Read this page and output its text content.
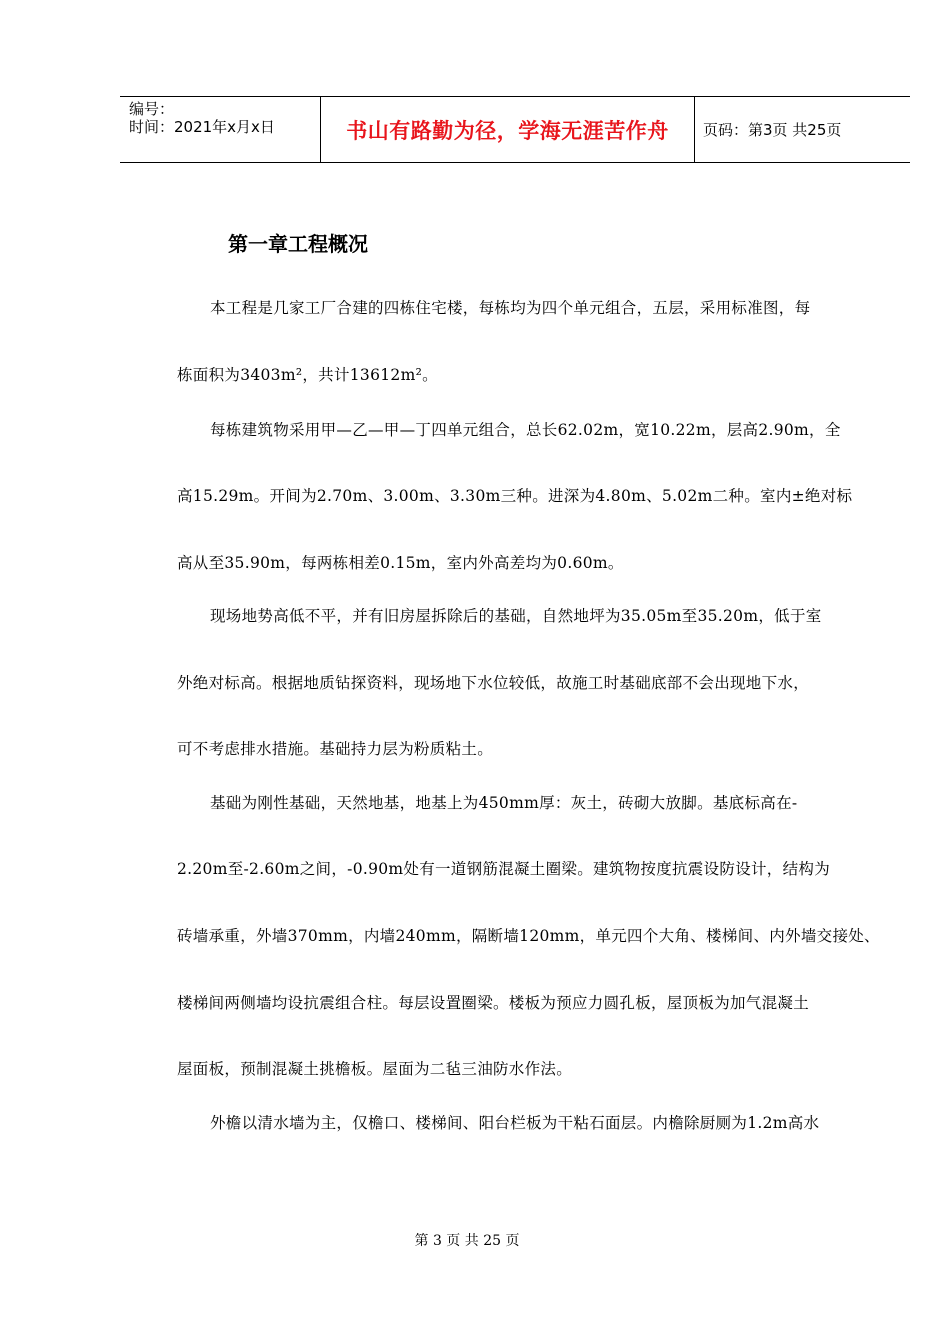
编号：
时间：2021年x月x日	书山有路勤为径，学海无涯苦作舟	页码：第3页 共25页
第一章工程概况
本工程是几家工厂合建的四栋住宅楼，每栋均为四个单元组合，五层，采用标准图，每
栋面积为3403m²，共计13612m²。
每栋建筑物采用甲—乙—甲—丁四单元组合，总长62.02m，宽10.22m，层高2.90m，全
高15.29m。开间为2.70m、3.00m、3.30m三种。进深为4.80m、5.02m二种。室内±绝对标
高从至35.90m，每两栋相差0.15m，室内外高差均为0.60m。
现场地势高低不平，并有旧房屋拆除后的基础，自然地坪为35.05m至35.20m，低于室
外绝对标高。根据地质钻探资料，现场地下水位较低，故施工时基础底部不会出现地下水，
可不考虑排水措施。基础持力层为粉质粘土。
基础为刚性基础，天然地基，地基上为450mm厚：灰土，砖砌大放脚。基底标高在-
2.20m至-2.60m之间，-0.90m处有一道钢筋混凝土圈梁。建筑物按度抗震设防设计，结构为
砖墙承重，外墙370mm，内墙240mm，隔断墙120mm，单元四个大角、楼梯间、内外墙交接处、
楼梯间两侧墙均设抗震组合柱。每层设置圈梁。楼板为预应力圆孔板，屋顶板为加气混凝土
屋面板，预制混凝土挑檐板。屋面为二毡三油防水作法。
外檐以清水墙为主，仅檐口、楼梯间、阳台栏板为干粘石面层。内檐除厨厕为1.2m高水
第 3 页 共 25 页
